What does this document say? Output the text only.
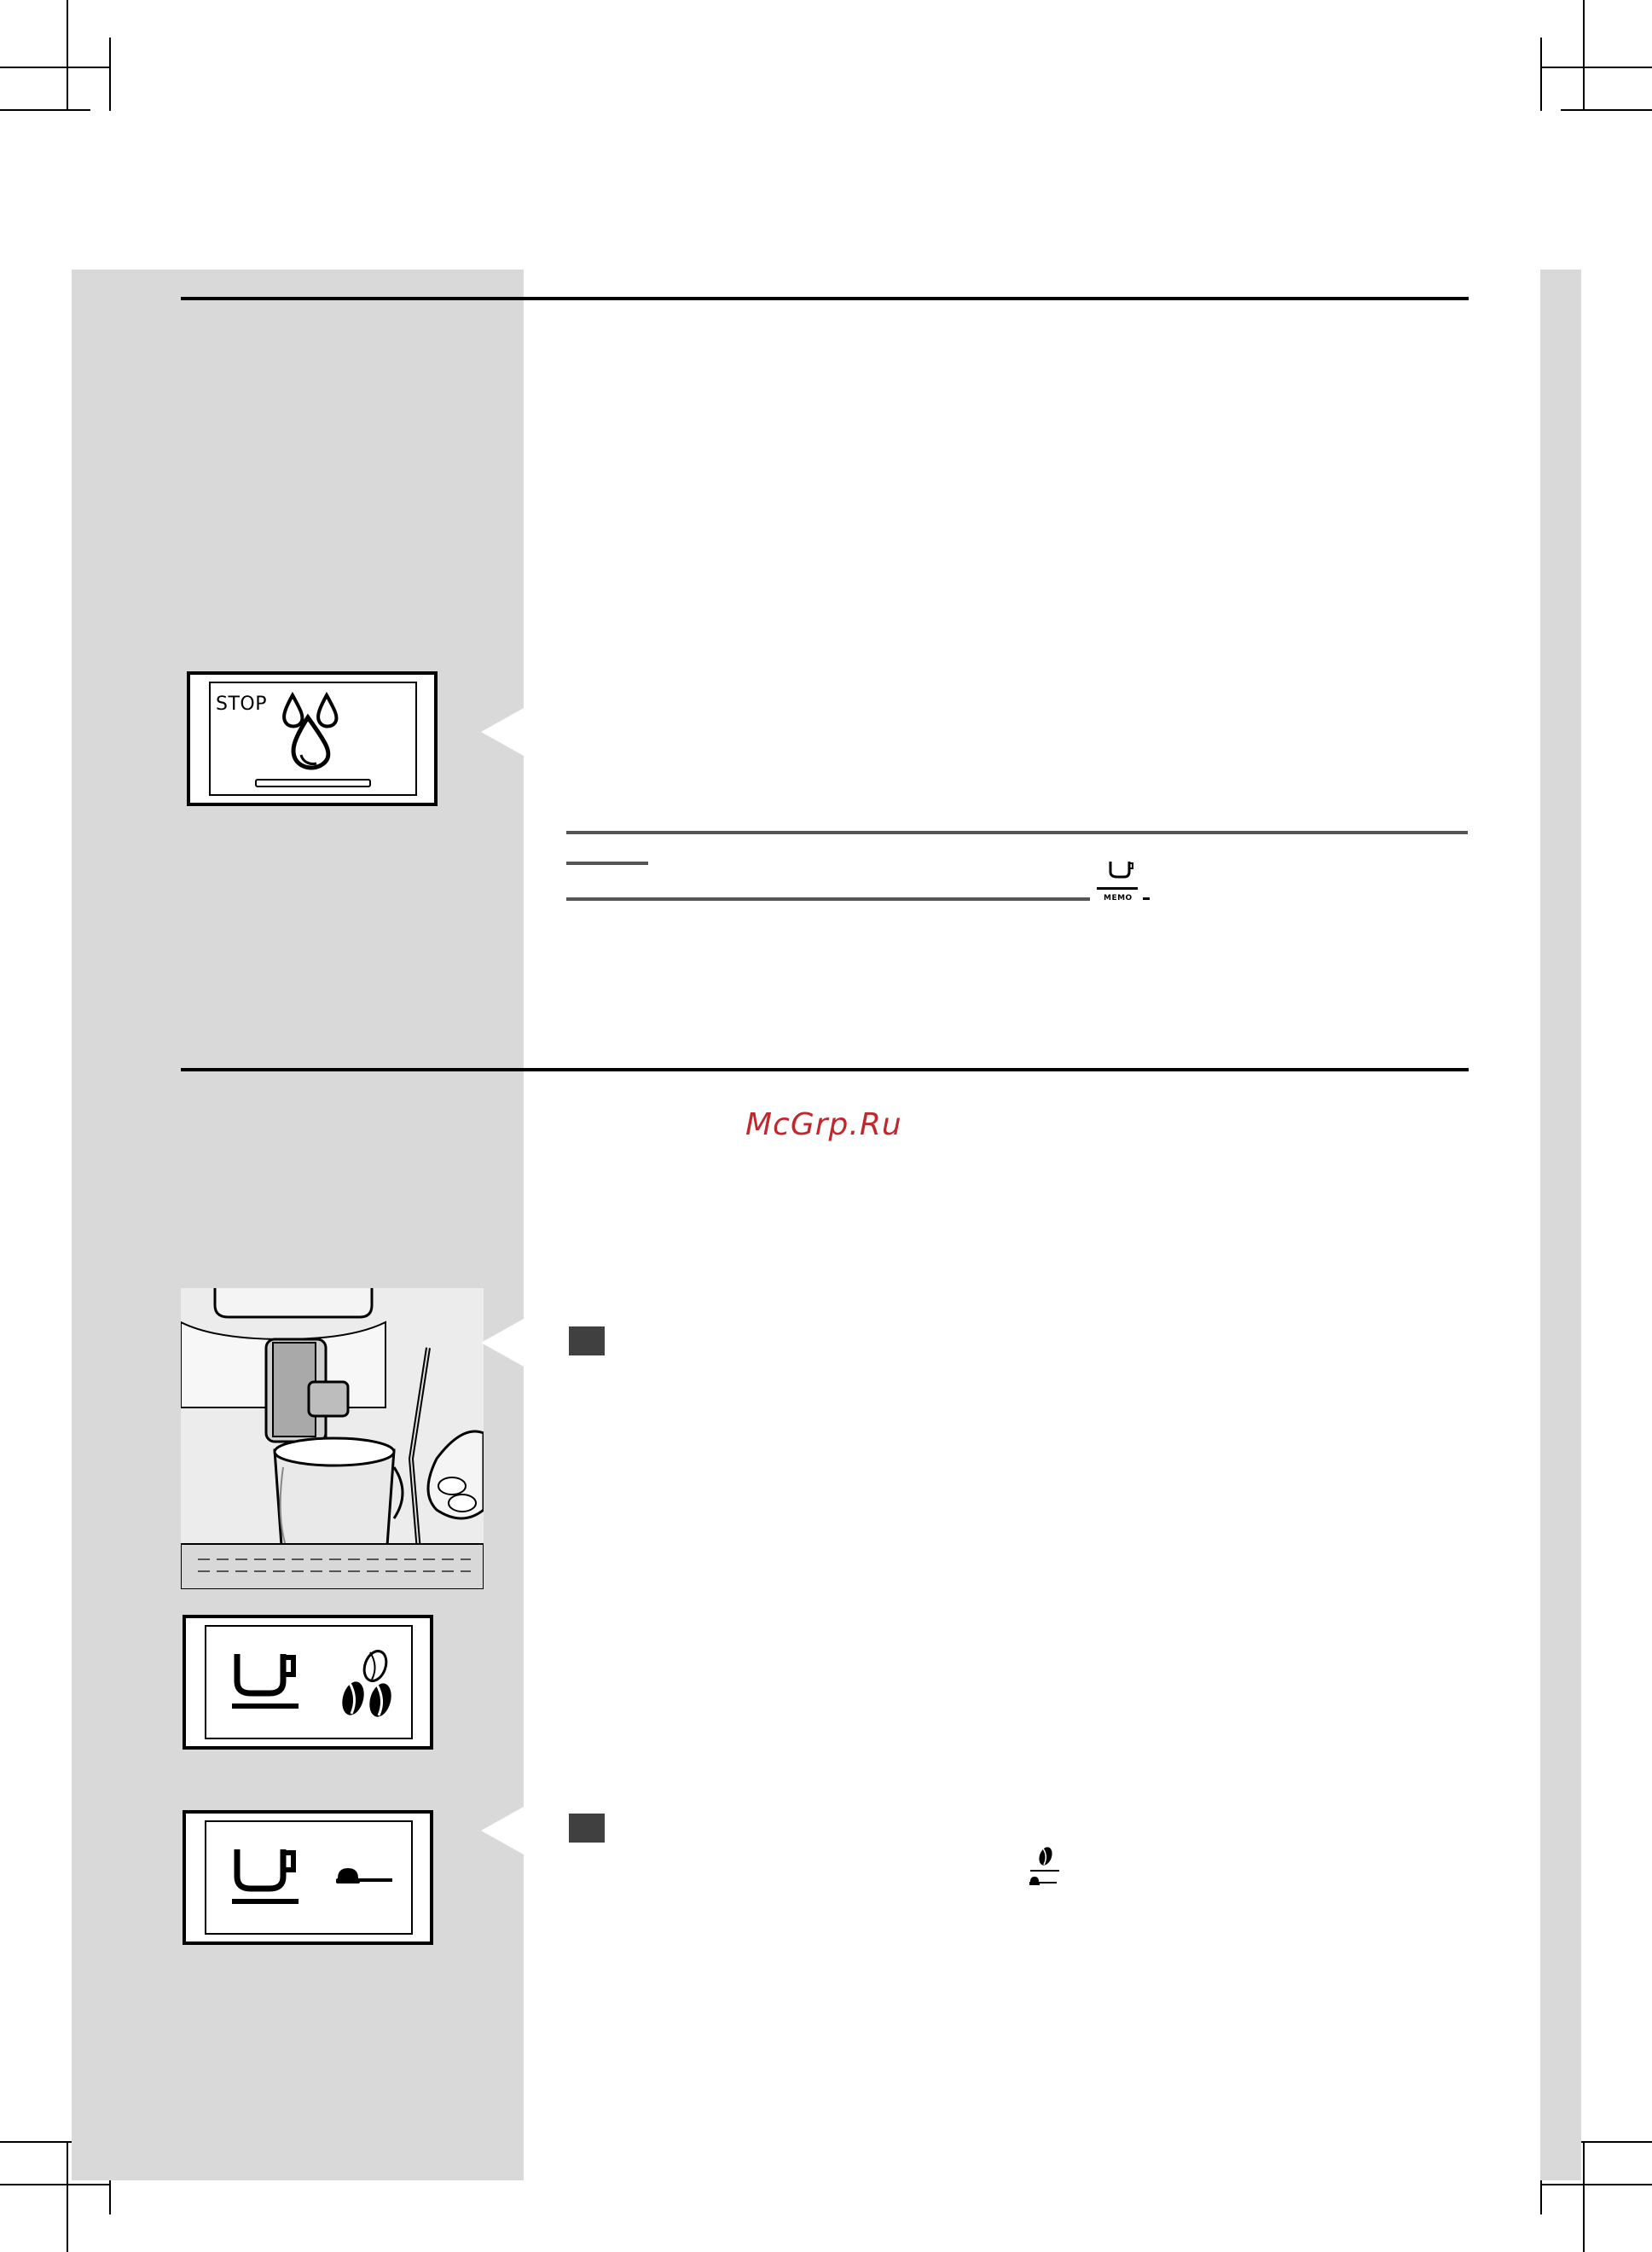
STOP
MEMO
McGrp.Ru
